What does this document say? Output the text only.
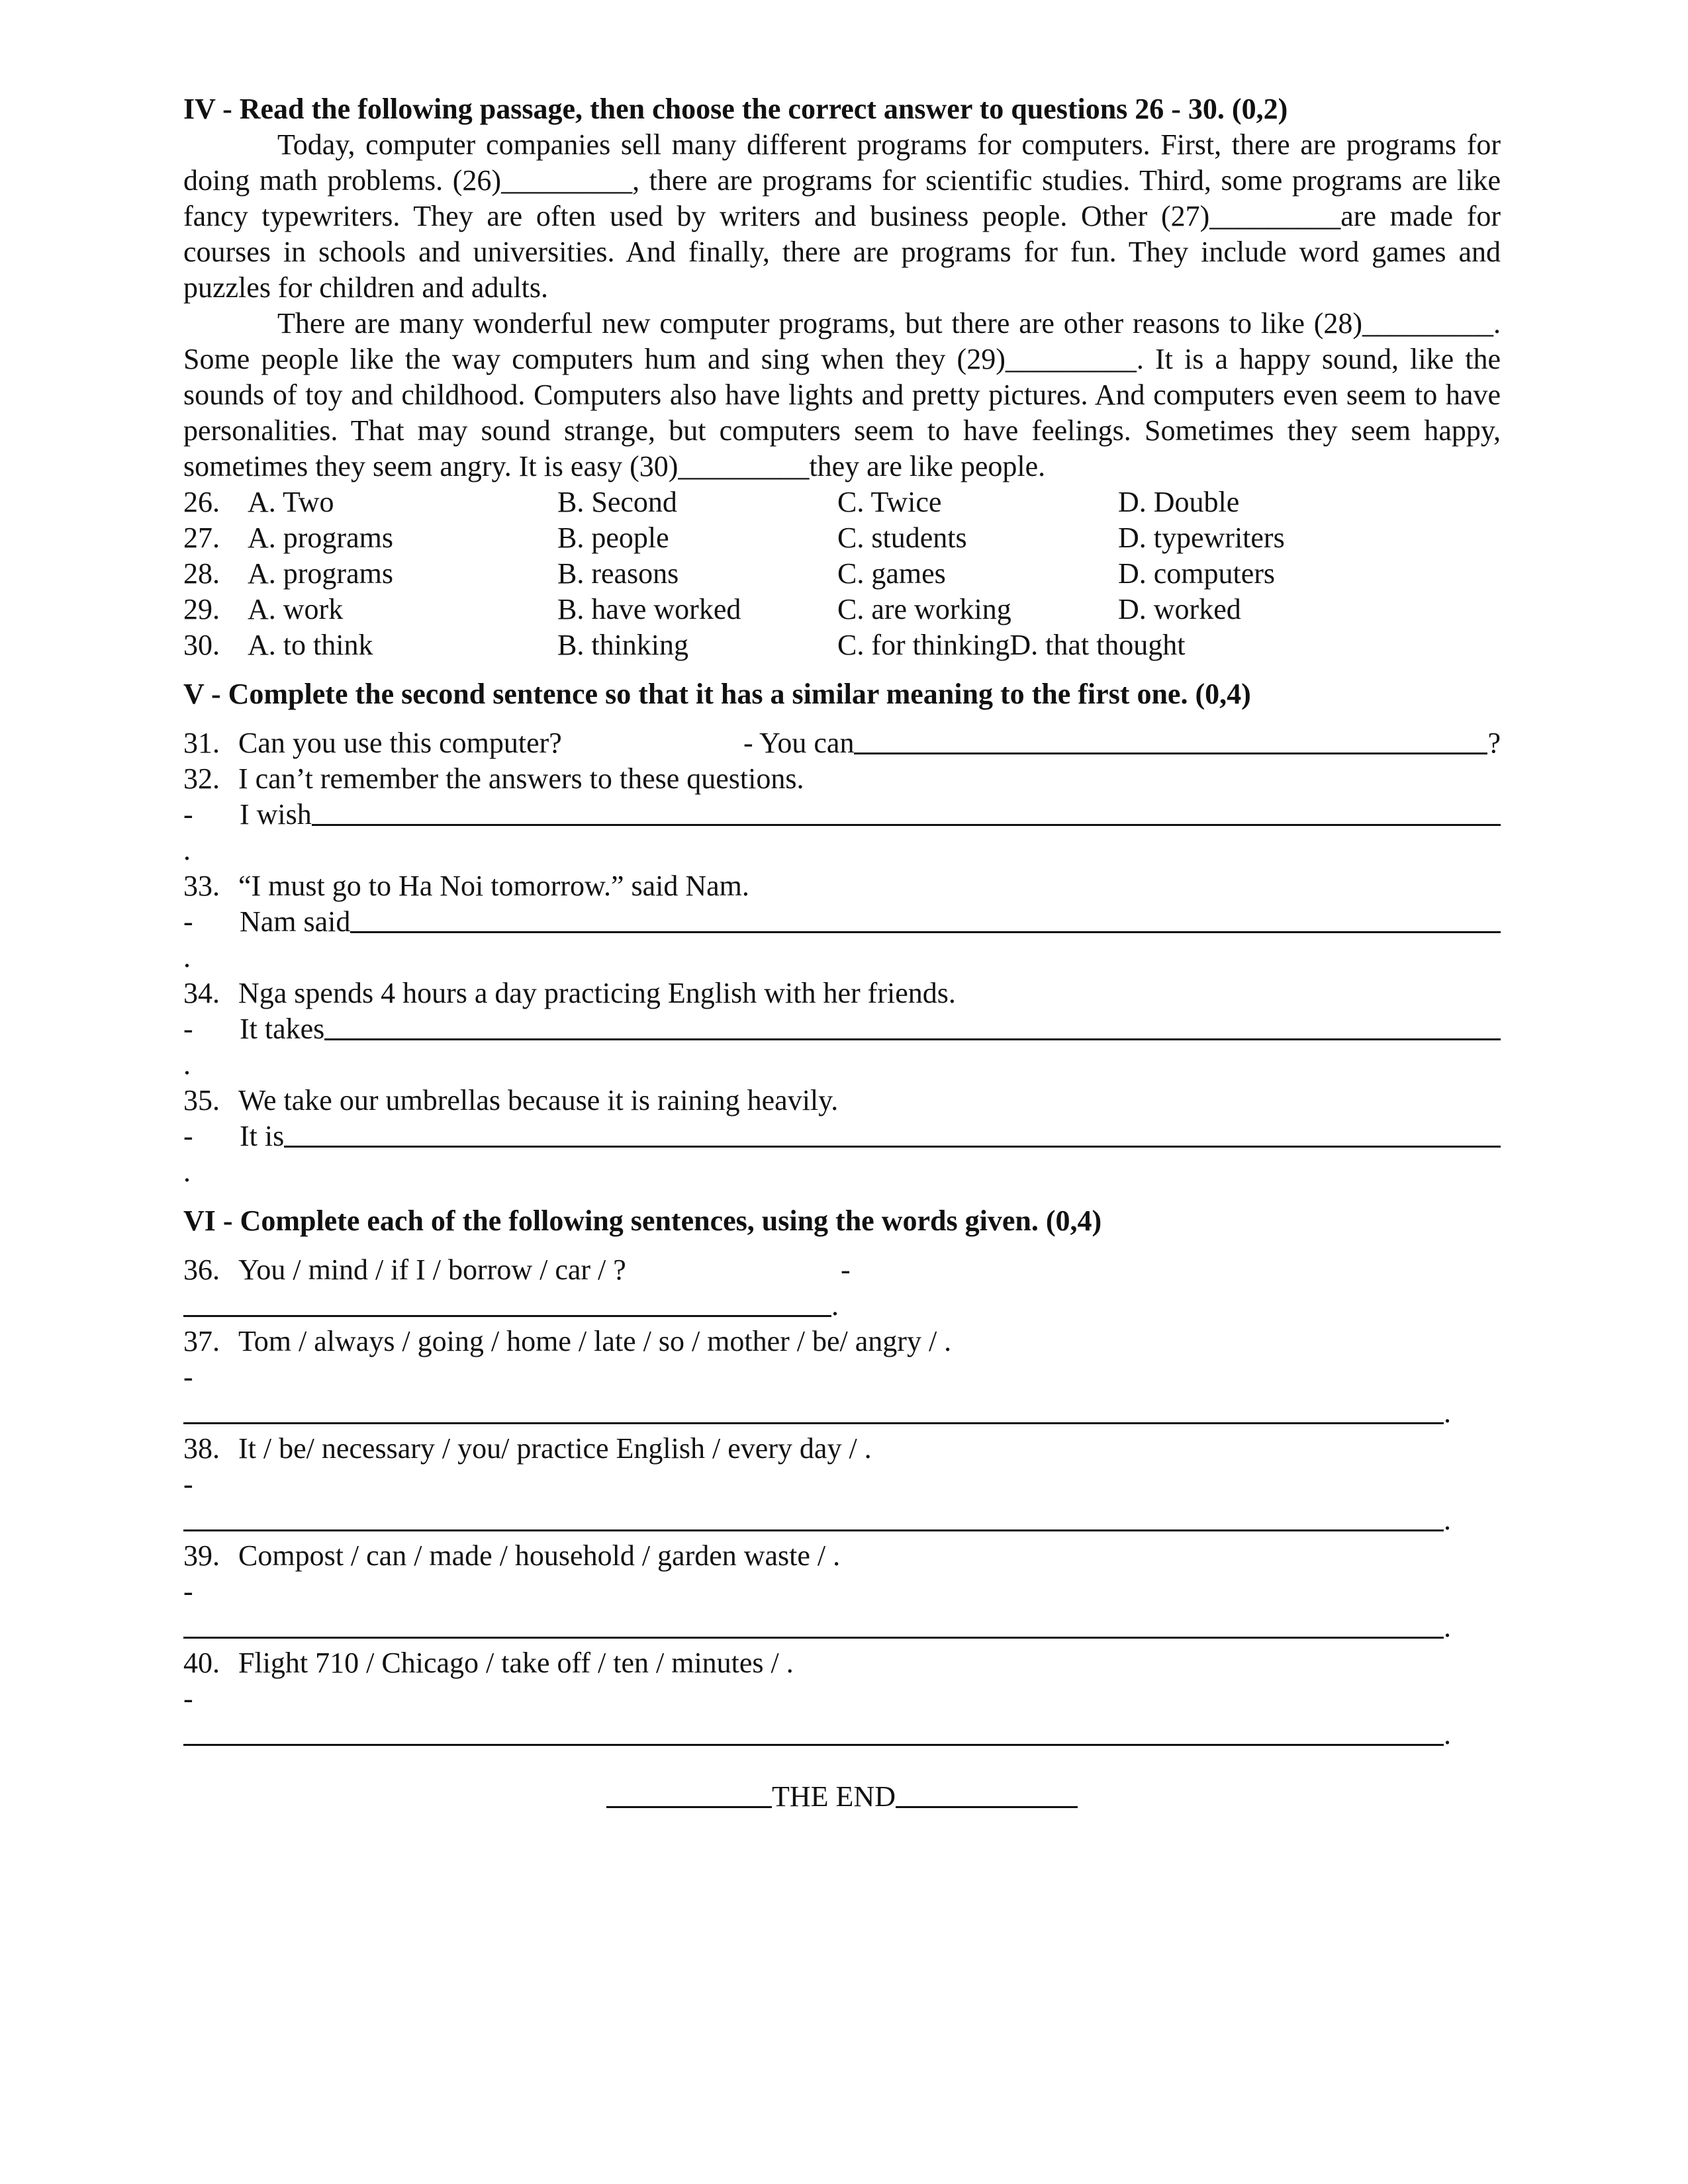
IV - Read the following passage, then choose the correct answer to questions 26 - 30. (0,2)

Today, computer companies sell many different programs for computers. First, there are programs for doing math problems. (26)_________, there are programs for scientific studies. Third, some programs are like fancy typewriters. They are often used by writers and business people. Other (27)_________are made for courses in schools and universities. And finally, there are programs for fun. They include word games and puzzles for children and adults.

There are many wonderful new computer programs, but there are other reasons to like (28)_________. Some people like the way computers hum and sing when they (29)_________. It is a happy sound, like the sounds of toy and childhood. Computers also have lights and pretty pictures. And computers even seem to have personalities. That may sound strange, but computers seem to have feelings. Sometimes they seem happy, sometimes they seem angry. It is easy (30)_________they are like people.

26. A. Two	B. Second	C. Twice	D. Double
27. A. programs	B. people	C. students	D. typewriters
28. A. programs	B. reasons	C. games	D. computers
29. A. work	B. have worked	C. are working	D. worked
30. A. to think	B. thinking	C. for thinkingD. that thought

V - Complete the second sentence so that it has a similar meaning to the first one. (0,4)

31. Can you use this computer?	- You can	?
32. I can’t remember the answers to these questions.
-	I wish
.
33. “I must go to Ha Noi tomorrow.” said Nam.
-	Nam said
.
34. Nga spends 4 hours a day practicing English with her friends.
-	It takes
.
35. We take our umbrellas because it is raining heavily.
-	It is
.

VI - Complete each of the following sentences, using the words given. (0,4)

36. You / mind / if I / borrow / car / ?	-
.
37. Tom / always / going / home / late / so / mother / be/ angry / .
-
.
38. It / be/ necessary / you/ practice English / every day / .
-
.
39. Compost / can / made / household / garden waste / .
-
.
40. Flight 710 / Chicago / take off / ten / minutes / .
-
.
THE END
